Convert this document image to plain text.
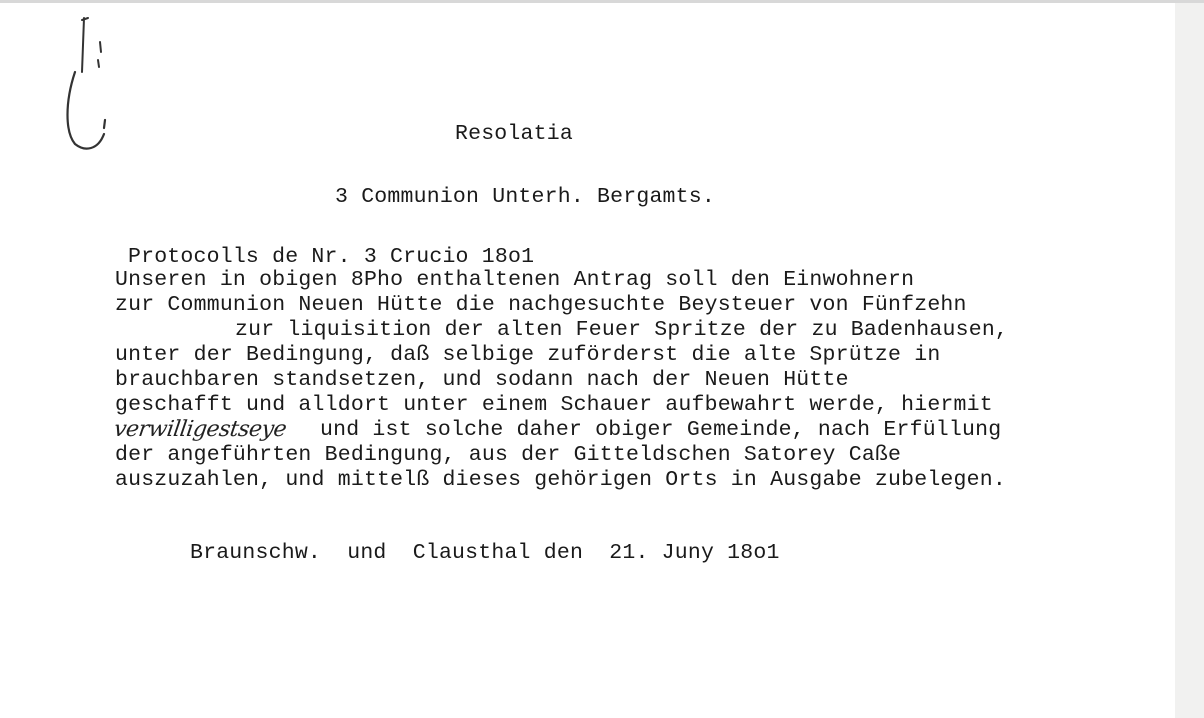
Resolatia
3 Communion Unterh. Bergamts.
Protocolls de Nr. 3 Crucio 18o1
Unseren in obigen 8Pho enthaltenen Antrag soll den Einwohnern
zur Communion Neuen Hütte die nachgesuchte Beysteuer von Fünfzehn
zur liquisition der alten Feuer Spritze der zu Badenhausen,
unter der Bedingung, daß selbige zuförderst die alte Sprütze in
brauchbaren standsetzen, und sodann nach der Neuen Hütte
geschafft und alldort unter einem Schauer aufbewahrt werde, hiermit
verwilligestseye und ist solche daher obiger Gemeinde, nach Erfüllung
der angeführten Bedingung, aus der Gitteldschen Satorey Caße
auszuzahlen, und mittelß dieses gehörigen Orts in Ausgabe zubelegen.
Braunschw.  und  Clausthal den  21. Juny 18o1
